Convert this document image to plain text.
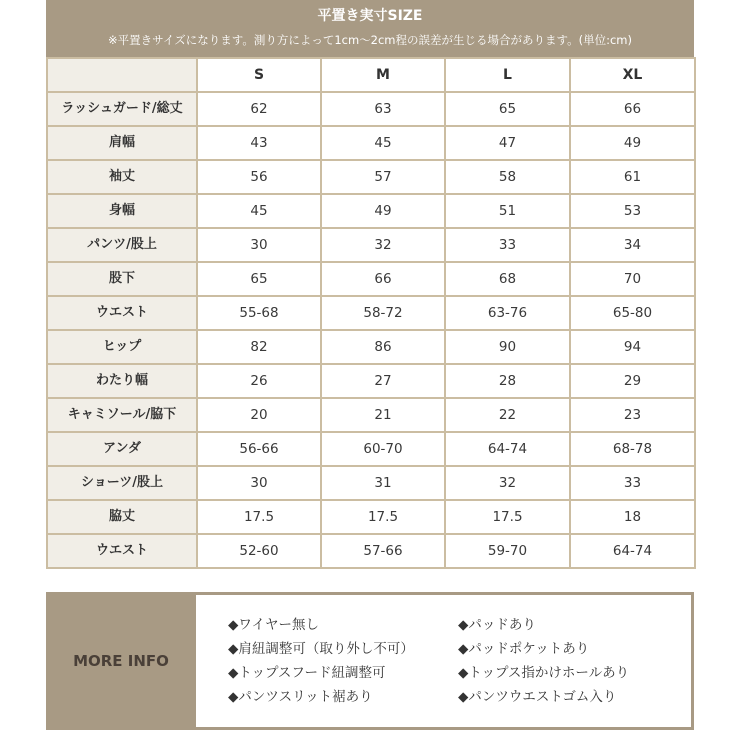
平置き実寸SIZE
※平置きサイズになります。測り方によって1cm〜2cm程の誤差が生じる場合があります。(単位:cm)
	S	M	L	XL
ラッシュガード/総丈	62	63	65	66
肩幅	43	45	47	49
袖丈	56	57	58	61
身幅	45	49	51	53
パンツ/股上	30	32	33	34
股下	65	66	68	70
ウエスト	55-68	58-72	63-76	65-80
ヒップ	82	86	90	94
わたり幅	26	27	28	29
キャミソール/脇下	20	21	22	23
アンダ	56-66	60-70	64-74	68-78
ショーツ/股上	30	31	32	33
脇丈	17.5	17.5	17.5	18
ウエスト	52-60	57-66	59-70	64-74
MORE INFO
◆ワイヤー無し
◆肩紐調整可（取り外し不可）
◆トップスフード紐調整可
◆パンツスリット裾あり
◆パッドあり
◆パッドポケットあり
◆トップス指かけホールあり
◆パンツウエストゴム入り
